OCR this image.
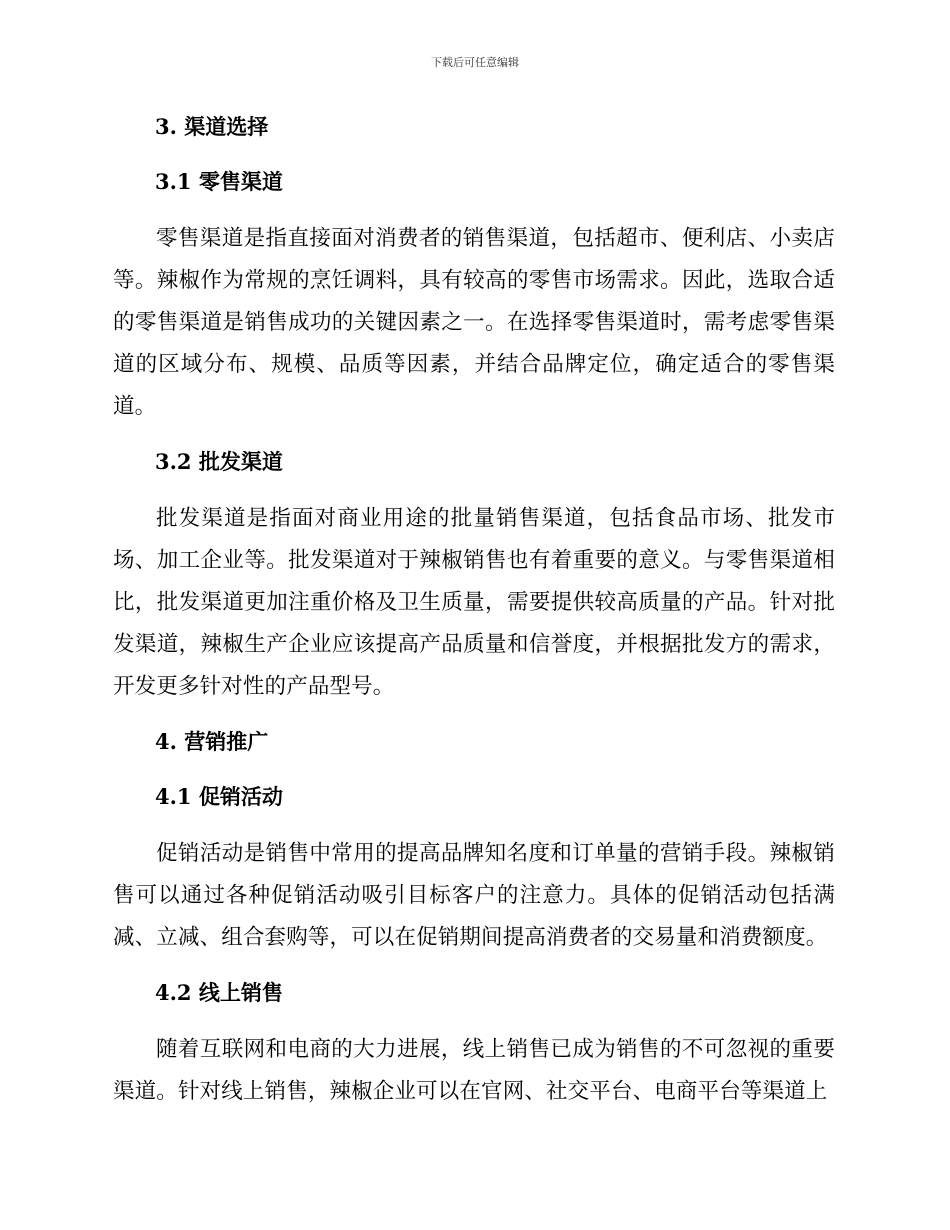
下载后可任意编辑
3. 渠道选择
3.1 零售渠道

零售渠道是指直接面对消费者的销售渠道，包括超市、便利店、小卖店等。辣椒作为常规的烹饪调料，具有较高的零售市场需求。因此，选取合适的零售渠道是销售成功的关键因素之一。在选择零售渠道时，需考虑零售渠道的区域分布、规模、品质等因素，并结合品牌定位，确定适合的零售渠道。

3.2 批发渠道

批发渠道是指面对商业用途的批量销售渠道，包括食品市场、批发市场、加工企业等。批发渠道对于辣椒销售也有着重要的意义。与零售渠道相比，批发渠道更加注重价格及卫生质量，需要提供较高质量的产品。针对批发渠道，辣椒生产企业应该提高产品质量和信誉度，并根据批发方的需求，开发更多针对性的产品型号。

4. 营销推广
4.1 促销活动

促销活动是销售中常用的提高品牌知名度和订单量的营销手段。辣椒销售可以通过各种促销活动吸引目标客户的注意力。具体的促销活动包括满减、立减、组合套购等，可以在促销期间提高消费者的交易量和消费额度。

4.2 线上销售

随着互联网和电商的大力进展，线上销售已成为销售的不可忽视的重要渠道。针对线上销售，辣椒企业可以在官网、社交平台、电商平台等渠道上
